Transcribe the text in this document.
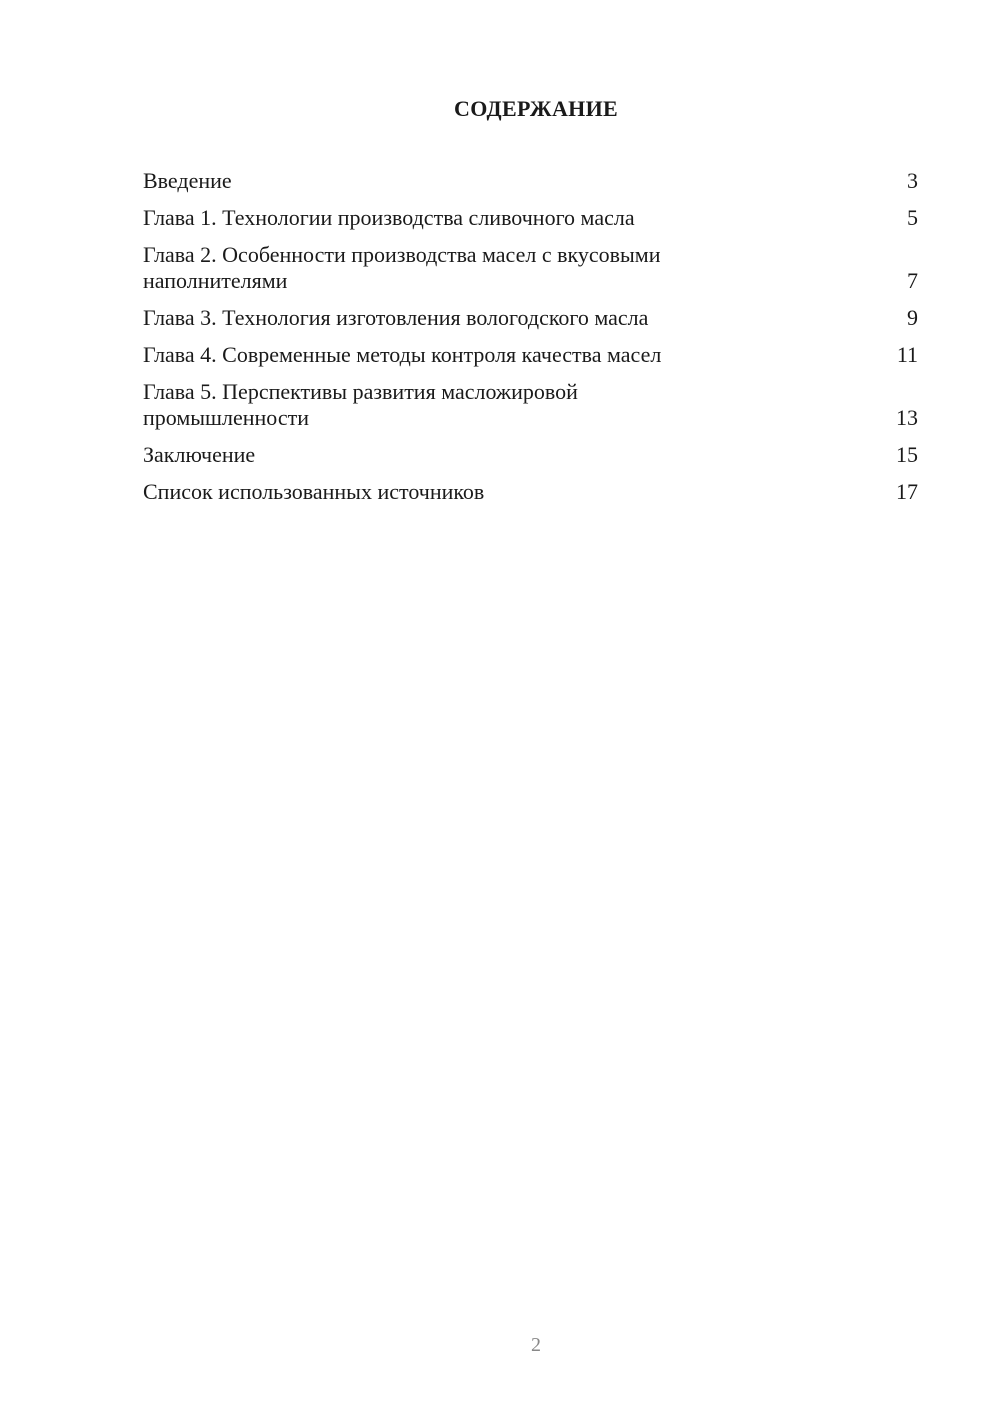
СОДЕРЖАНИЕ
Введение	3
Глава 1. Технологии производства сливочного масла	5
Глава 2. Особенности производства масел с вкусовыми наполнителями	7
Глава 3. Технология изготовления вологодского масла	9
Глава 4. Современные методы контроля качества масел	11
Глава 5. Перспективы развития масложировой промышленности	13
Заключение	15
Список использованных источников	17
2
